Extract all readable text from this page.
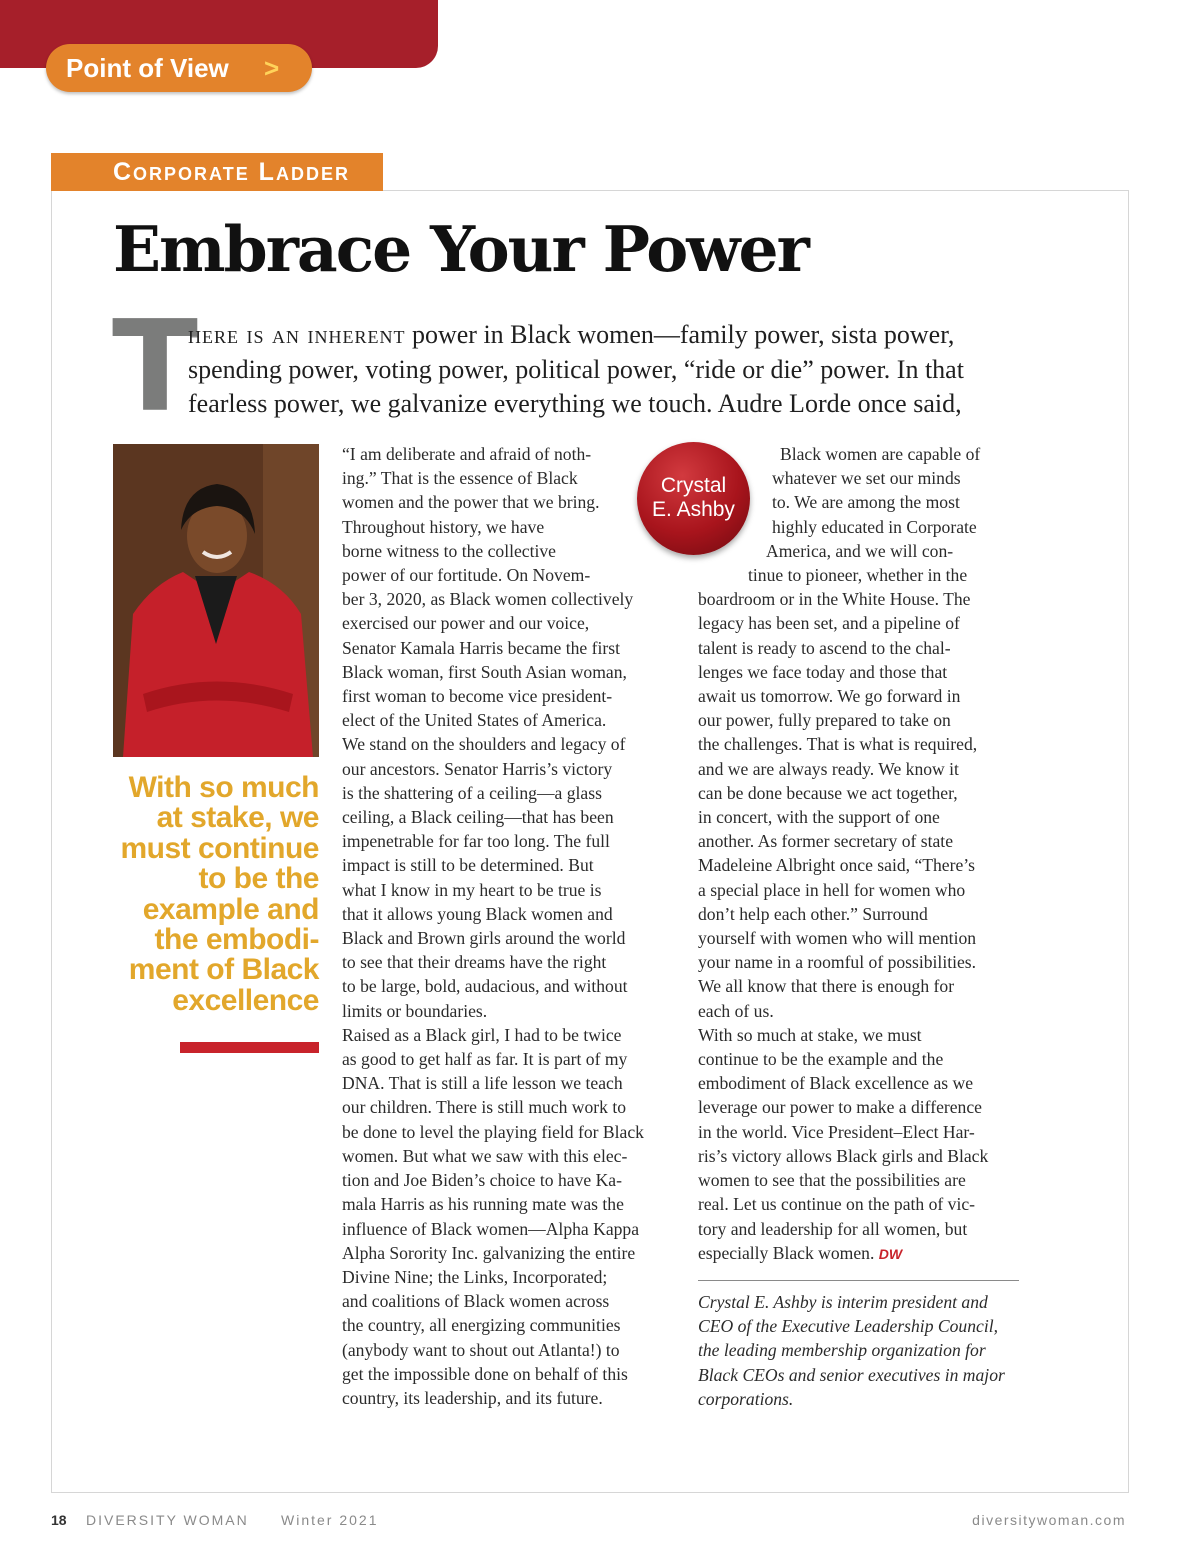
Point of View >
Corporate Ladder
Embrace Your Power
T
here is an inherent power in Black women—family power, sista power,
spending power, voting power, political power, “ride or die” power. In that
fearless power, we galvanize everything we touch. Audre Lorde once said,
With so much
at stake, we
must continue
to be the
example and
the embodi-
ment of Black
excellence
“I am deliberate and afraid of noth-
ing.” That is the essence of Black
women and the power that we bring.
Throughout history, we have
borne witness to the collective
power of our fortitude. On Novem-
ber 3, 2020, as Black women collectively
exercised our power and our voice,
Senator Kamala Harris became the first
Black woman, first South Asian woman,
first woman to become vice president-
elect of the United States of America.
We stand on the shoulders and legacy of
our ancestors. Senator Harris’s victory
is the shattering of a ceiling—a glass
ceiling, a Black ceiling—that has been
impenetrable for far too long. The full
impact is still to be determined. But
what I know in my heart to be true is
that it allows young Black women and
Black and Brown girls around the world
to see that their dreams have the right
to be large, bold, audacious, and without
limits or boundaries.
Raised as a Black girl, I had to be twice
as good to get half as far. It is part of my
DNA. That is still a life lesson we teach
our children. There is still much work to
be done to level the playing field for Black
women. But what we saw with this elec-
tion and Joe Biden’s choice to have Ka-
mala Harris as his running mate was the
influence of Black women—Alpha Kappa
Alpha Sorority Inc. galvanizing the entire
Divine Nine; the Links, Incorporated;
and coalitions of Black women across
the country, all energizing communities
(anybody want to shout out Atlanta!) to
get the impossible done on behalf of this
country, its leadership, and its future.
Black women are capable of
whatever we set our minds
to. We are among the most
highly educated in Corporate
America, and we will con-
tinue to pioneer, whether in the
boardroom or in the White House. The
legacy has been set, and a pipeline of
talent is ready to ascend to the chal-
lenges we face today and those that
await us tomorrow. We go forward in
our power, fully prepared to take on
the challenges. That is what is required,
and we are always ready. We know it
can be done because we act together,
in concert, with the support of one
another. As former secretary of state
Madeleine Albright once said, “There’s
a special place in hell for women who
don’t help each other.” Surround
yourself with women who will mention
your name in a roomful of possibilities.
We all know that there is enough for
each of us.
With so much at stake, we must
continue to be the example and the
embodiment of Black excellence as we
leverage our power to make a difference
in the world. Vice President–Elect Har-
ris’s victory allows Black girls and Black
women to see that the possibilities are
real. Let us continue on the path of vic-
tory and leadership for all women, but
especially Black women. DW
Crystal
E. Ashby
Crystal E. Ashby is interim president and
CEO of the Executive Leadership Council,
the leading membership organization for
Black CEOs and senior executives in major
corporations.
18 DIVERSITY WOMAN Winter 2021	diversitywoman.com
